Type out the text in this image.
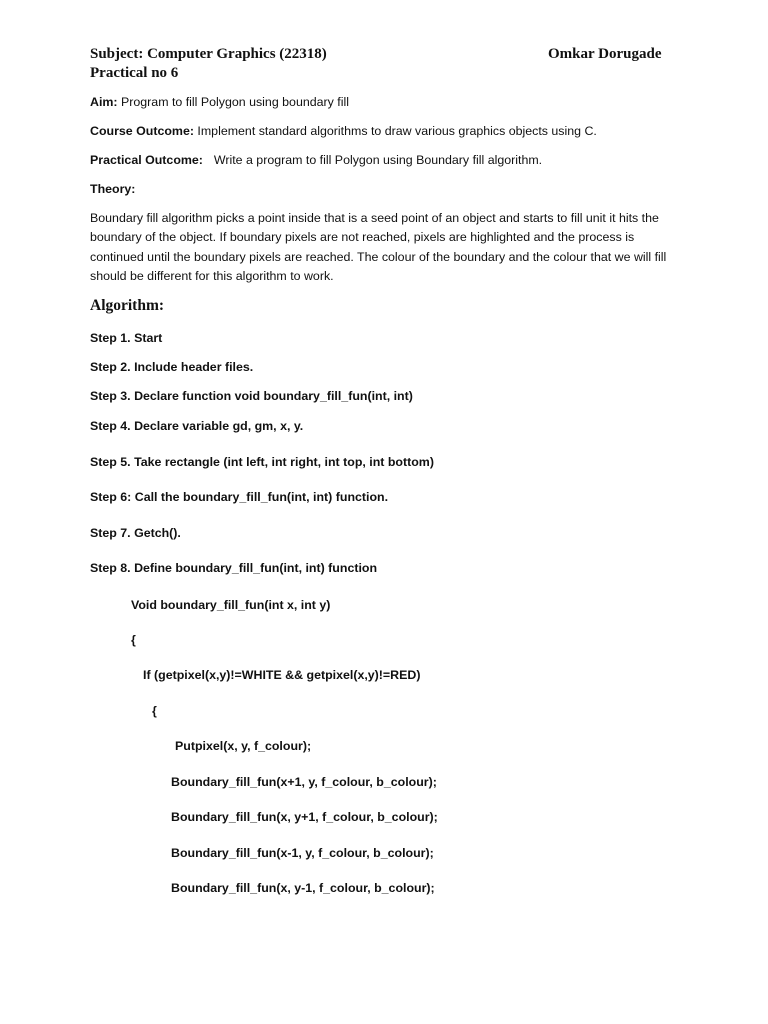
Subject: Computer Graphics (22318)	Omkar Dorugade
Practical no 6
Aim: Program to fill Polygon using boundary fill
Course Outcome: Implement standard algorithms to draw various graphics objects using C.
Practical Outcome: Write a program to fill Polygon using Boundary fill algorithm.
Theory:
Boundary fill algorithm picks a point inside that is a seed point of an object and starts to fill unit it hits the boundary of the object. If boundary pixels are not reached, pixels are highlighted and the process is continued until the boundary pixels are reached. The colour of the boundary and the colour that we will fill should be different for this algorithm to work.
Algorithm:
Step 1. Start
Step 2. Include header files.
Step 3. Declare function void boundary_fill_fun(int, int)
Step 4. Declare variable gd, gm, x, y.
Step 5. Take rectangle (int left, int right, int top, int bottom)
Step 6: Call the boundary_fill_fun(int, int) function.
Step 7. Getch().
Step 8. Define boundary_fill_fun(int, int) function
Void boundary_fill_fun(int x, int y)
{
If (getpixel(x,y)!=WHITE && getpixel(x,y)!=RED)
{
Putpixel(x, y, f_colour);
Boundary_fill_fun(x+1, y, f_colour, b_colour);
Boundary_fill_fun(x, y+1, f_colour, b_colour);
Boundary_fill_fun(x-1, y, f_colour, b_colour);
Boundary_fill_fun(x, y-1, f_colour, b_colour);
